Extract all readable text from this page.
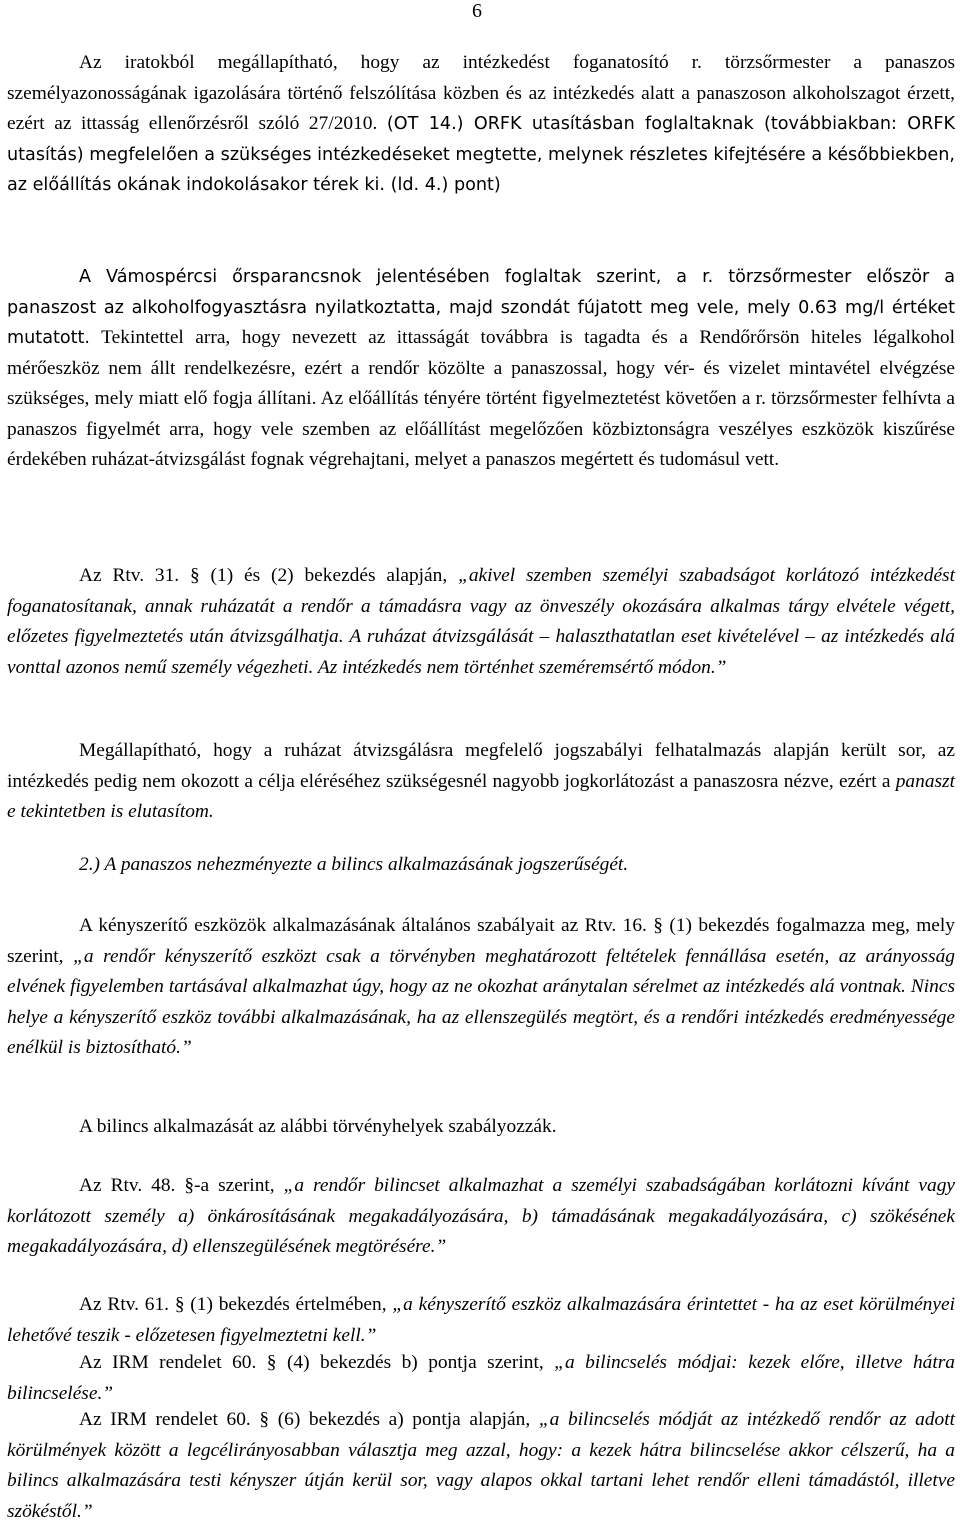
6

Az iratokból megállapítható, hogy az intézkedést foganatosító r. törzsőrmester a panaszos személyazonosságának igazolására történő felszólítása közben és az intézkedés alatt a panaszoson alkoholszagot érzett, ezért az ittasság ellenőrzésről szóló 27/2010. (OT 14.) ORFK utasításban foglaltaknak (továbbiakban: ORFK utasítás) megfelelően a szükséges intézkedéseket megtette, melynek részletes kifejtésére a későbbiekben, az előállítás okának indokolásakor térek ki. (ld. 4.) pont)

A Vámospércsi őrsparancsnok jelentésében foglaltak szerint, a r. törzsőrmester először a panaszost az alkoholfogyasztásra nyilatkoztatta, majd szondát fújatott meg vele, mely 0.63 mg/l értéket mutatott. Tekintettel arra, hogy nevezett az ittasságát továbbra is tagadta és a Rendőrőrsön hiteles légalkohol mérőeszköz nem állt rendelkezésre, ezért a rendőr közölte a panaszossal, hogy vér- és vizelet mintavétel elvégzése szükséges, mely miatt elő fogja állítani. Az előállítás tényére történt figyelmeztetést követően a r. törzsőrmester felhívta a panaszos figyelmét arra, hogy vele szemben az előállítást megelőzően közbiztonságra veszélyes eszközök kiszűrése érdekében ruházat-átvizsgálást fognak végrehajtani, melyet a panaszos megértett és tudomásul vett.

Az Rtv. 31. § (1) és (2) bekezdés alapján, „akivel szemben személyi szabadságot korlátozó intézkedést foganatosítanak, annak ruházatát a rendőr a támadásra vagy az önveszély okozására alkalmas tárgy elvétele végett, előzetes figyelmeztetés után átvizsgálhatja. A ruházat átvizsgálását – halaszthatatlan eset kivételével – az intézkedés alá vonttal azonos nemű személy végezheti. Az intézkedés nem történhet szeméremsértő módon.”

Megállapítható, hogy a ruházat átvizsgálásra megfelelő jogszabályi felhatalmazás alapján került sor, az intézkedés pedig nem okozott a célja eléréséhez szükségesnél nagyobb jogkorlátozást a panaszosra nézve, ezért a panaszt e tekintetben is elutasítom.

2.) A panaszos nehezményezte a bilincs alkalmazásának jogszerűségét.

A kényszerítő eszközök alkalmazásának általános szabályait az Rtv. 16. § (1) bekezdés fogalmazza meg, mely szerint, „a rendőr kényszerítő eszközt csak a törvényben meghatározott feltételek fennállása esetén, az arányosság elvének figyelemben tartásával alkalmazhat úgy, hogy az ne okozhat aránytalan sérelmet az intézkedés alá vontnak. Nincs helye a kényszerítő eszköz további alkalmazásának, ha az ellenszegülés megtört, és a rendőri intézkedés eredményessége enélkül is biztosítható.”

A bilincs alkalmazását az alábbi törvényhelyek szabályozzák.

Az Rtv. 48. §-a szerint, „a rendőr bilincset alkalmazhat a személyi szabadságában korlátozni kívánt vagy korlátozott személy a) önkárosításának megakadályozására, b) támadásának megakadályozására, c) szökésének megakadályozására, d) ellenszegülésének megtörésére.”

Az Rtv. 61. § (1) bekezdés értelmében, „a kényszerítő eszköz alkalmazására érintettet - ha az eset körülményei lehetővé teszik - előzetesen figyelmeztetni kell.”

Az IRM rendelet 60. § (4) bekezdés b) pontja szerint, „a bilincselés módjai: kezek előre, illetve hátra bilincselése.”

Az IRM rendelet 60. § (6) bekezdés a) pontja alapján, „a bilincselés módját az intézkedő rendőr az adott körülmények között a legcélirányosabban választja meg azzal, hogy: a kezek hátra bilincselése akkor célszerű, ha a bilincs alkalmazására testi kényszer útján kerül sor, vagy alapos okkal tartani lehet rendőr elleni támadástól, illetve szökéstől.”
